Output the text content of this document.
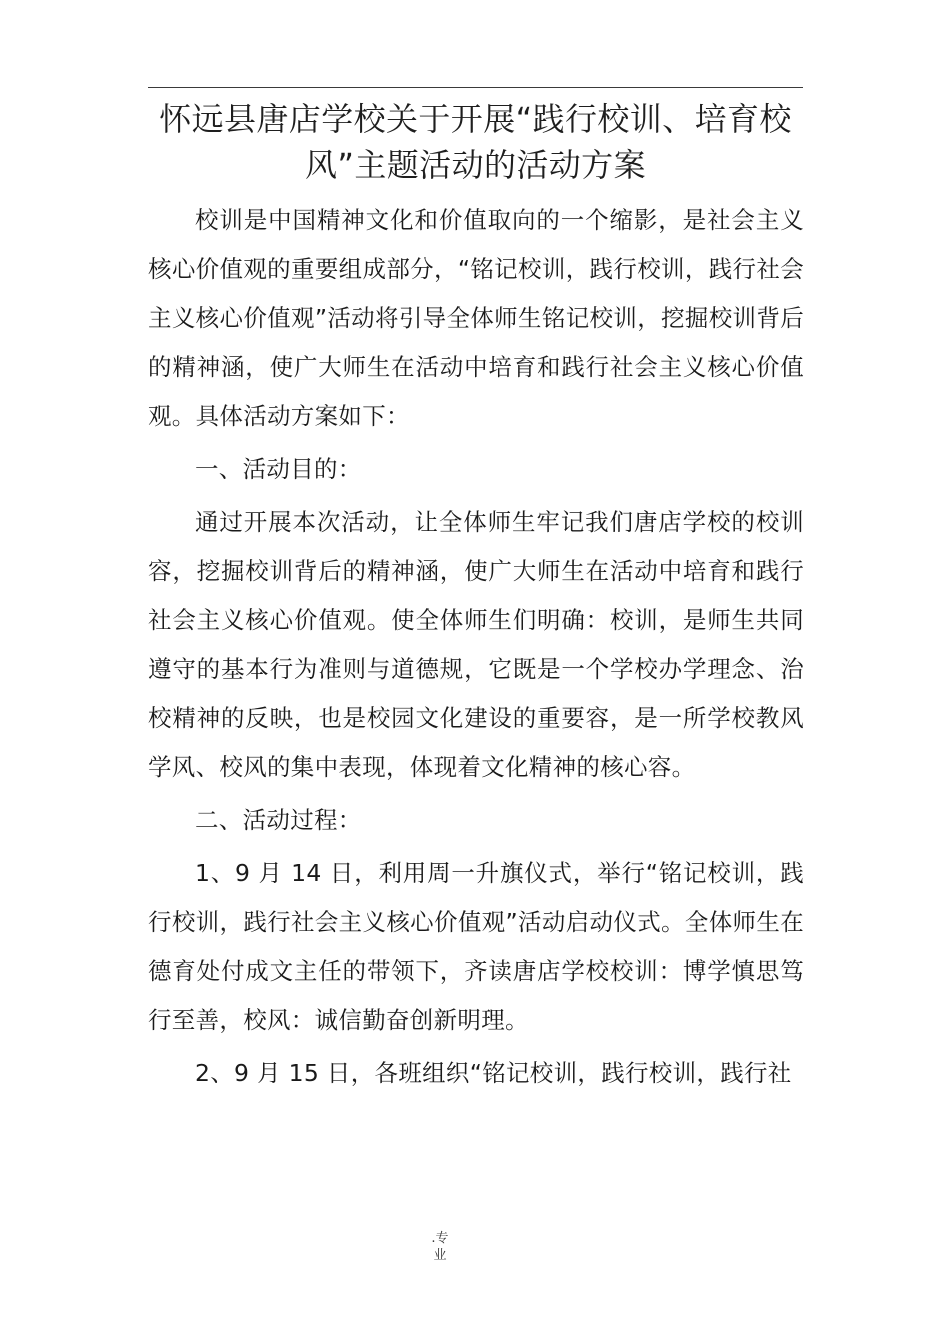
怀远县唐店学校关于开展“践行校训、培育校风”主题活动的活动方案

校训是中国精神文化和价值取向的一个缩影，是社会主义核心价值观的重要组成部分，“铭记校训，践行校训，践行社会主义核心价值观”活动将引导全体师生铭记校训，挖掘校训背后的精神涵，使广大师生在活动中培育和践行社会主义核心价值观。具体活动方案如下：

一、活动目的：

通过开展本次活动，让全体师生牢记我们唐店学校的校训容，挖掘校训背后的精神涵，使广大师生在活动中培育和践行社会主义核心价值观。使全体师生们明确：校训，是师生共同遵守的基本行为准则与道德规，它既是一个学校办学理念、治校精神的反映，也是校园文化建设的重要容，是一所学校教风学风、校风的集中表现，体现着文化精神的核心容。

二、活动过程：

1、9 月 14 日，利用周一升旗仪式，举行“铭记校训，践行校训，践行社会主义核心价值观”活动启动仪式。全体师生在德育处付成文主任的带领下，齐读唐店学校校训：博学慎思笃行至善，校风：诚信勤奋创新明理。

2、9 月 15 日，各班组织“铭记校训，践行校训，践行社

.专
业
